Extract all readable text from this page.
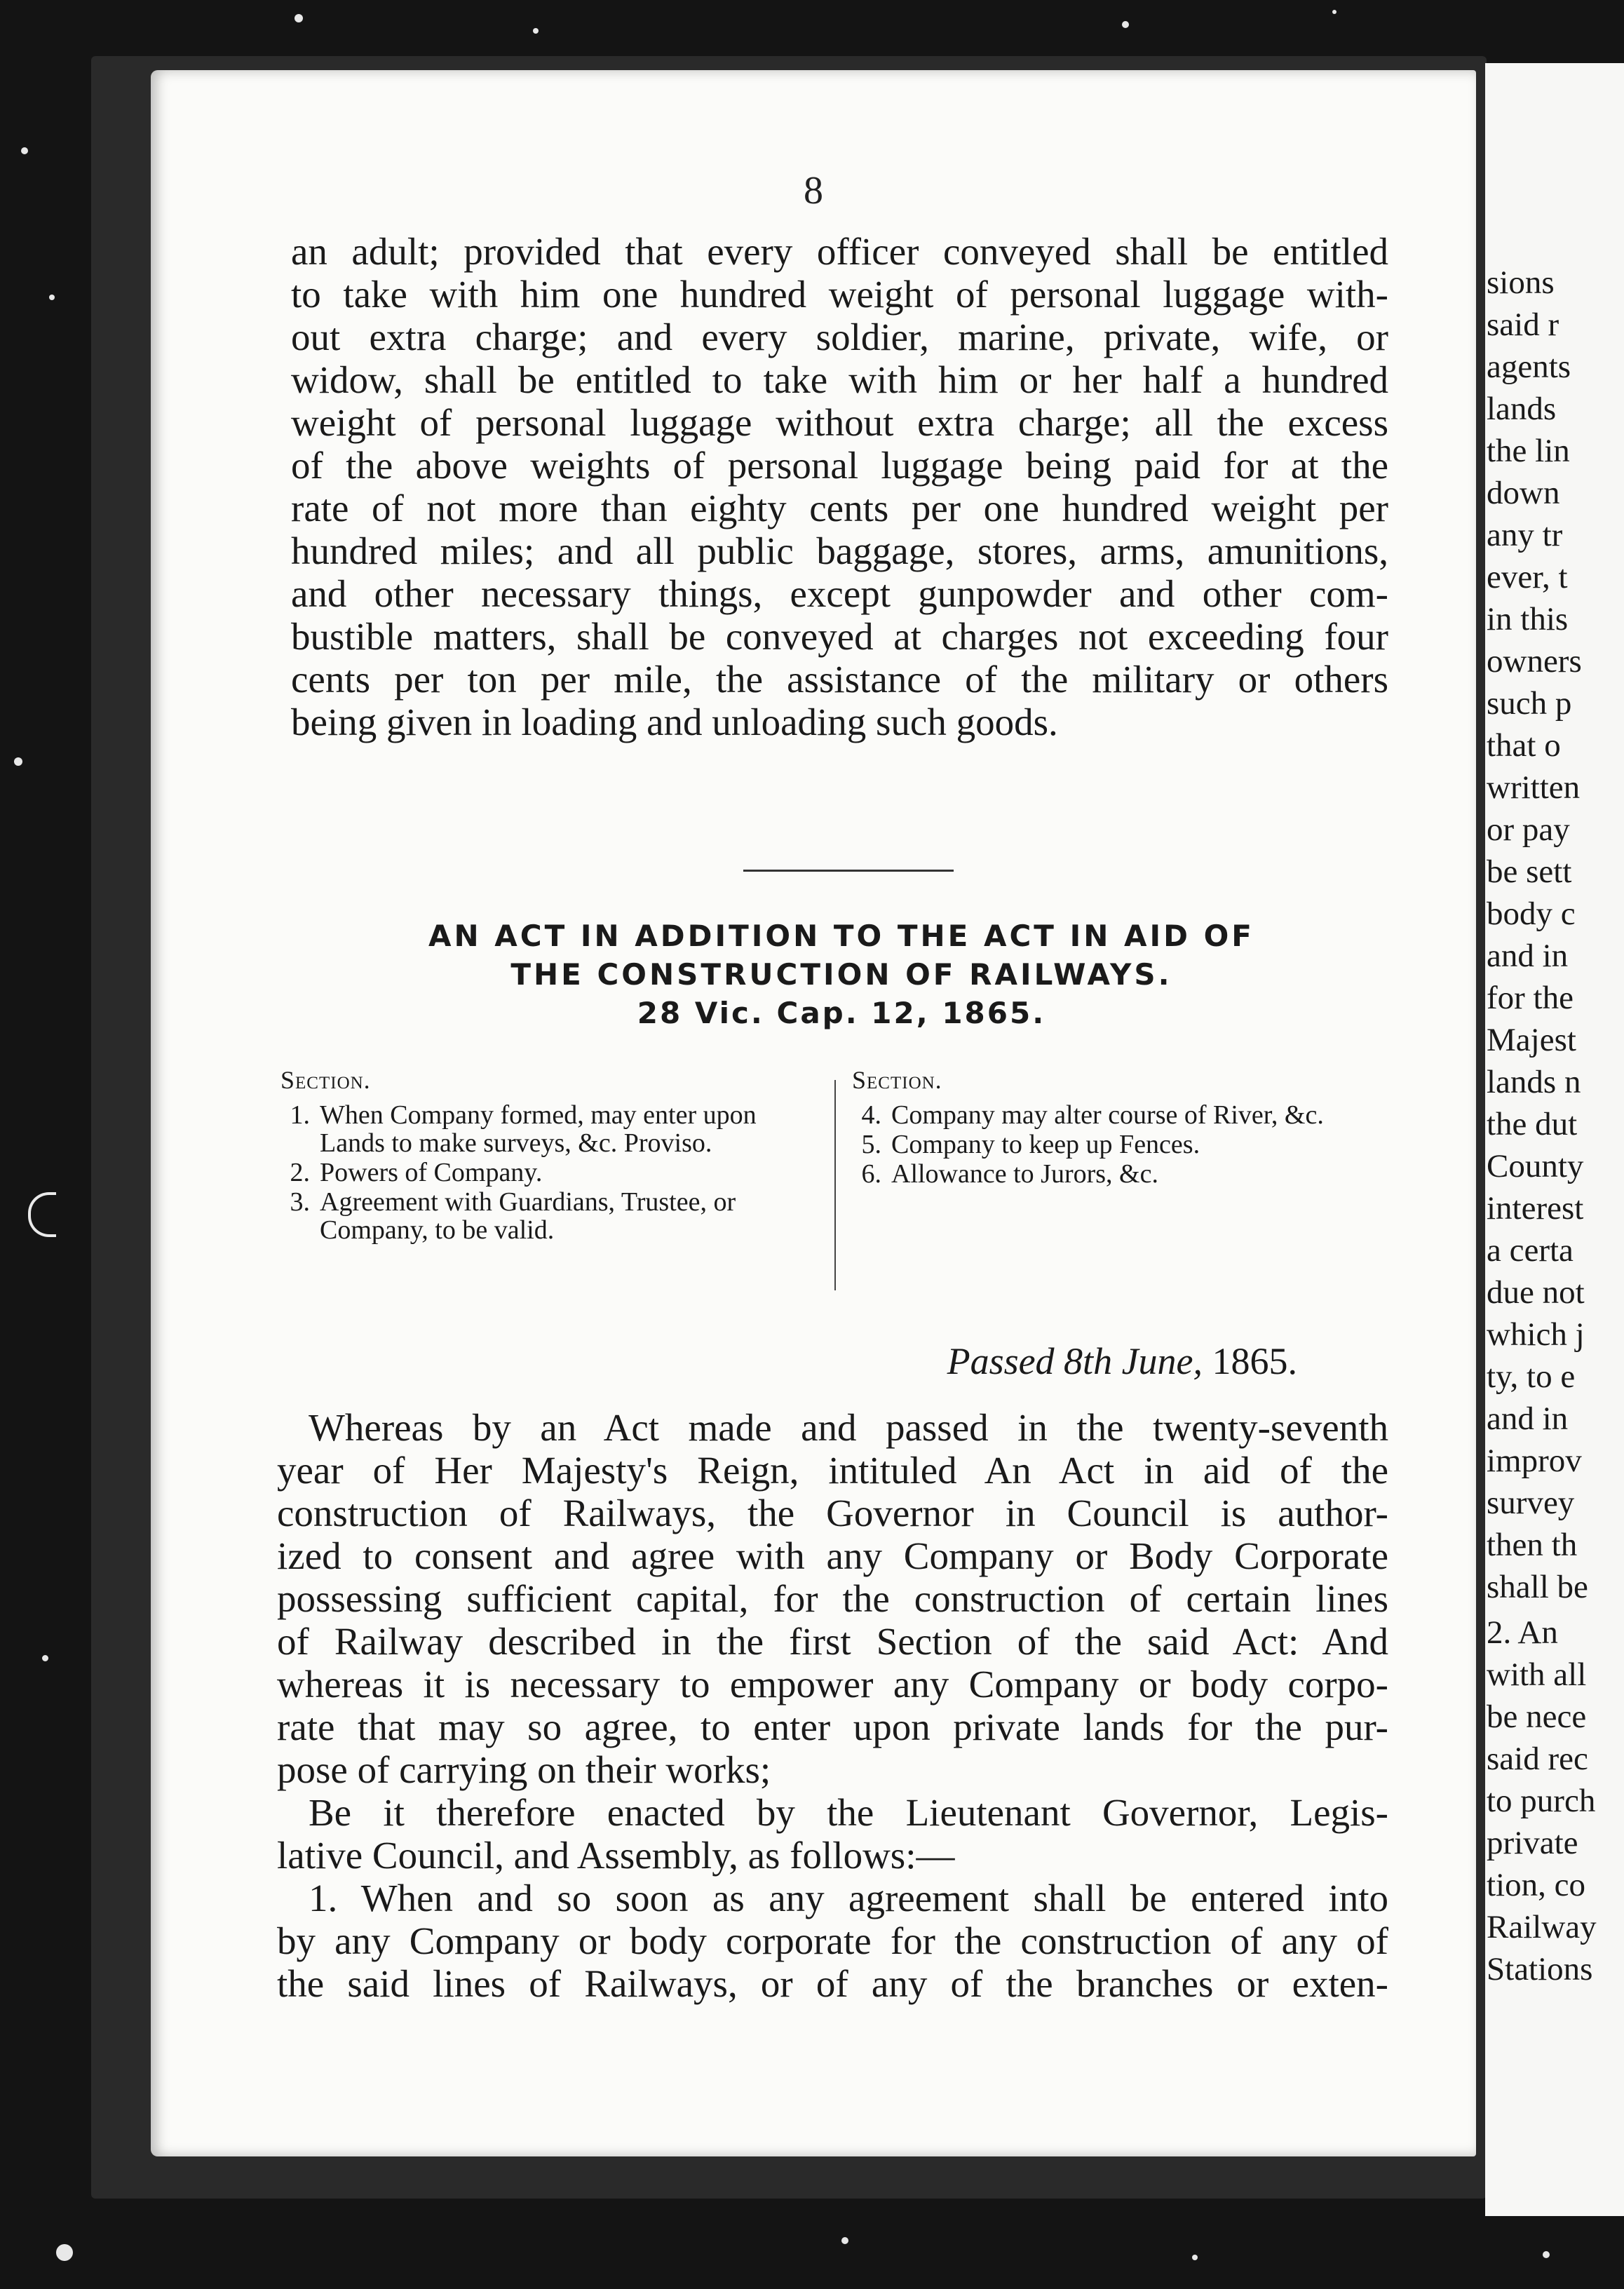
8
an adult; provided that every officer conveyed shall be entitled
to take with him one hundred weight of personal luggage with-
out extra charge; and every soldier, marine, private, wife, or
widow, shall be entitled to take with him or her half a hundred
weight of personal luggage without extra charge; all the excess
of the above weights of personal luggage being paid for at the
rate of not more than eighty cents per one hundred weight per
hundred miles; and all public baggage, stores, arms, amunitions,
and other necessary things, except gunpowder and other com-
bustible matters, shall be conveyed at charges not exceeding four
cents per ton per mile, the assistance of the military or others
being given in loading and unloading such goods.
AN ACT IN ADDITION TO THE ACT IN AID OF
THE CONSTRUCTION OF RAILWAYS.
28 Vic. Cap. 12, 1865.
Section.
1. When Company formed, may enter upon Lands to make surveys, &c. Proviso.
2. Powers of Company.
3. Agreement with Guardians, Trustee, or Company, to be valid.
Section.
4. Company may alter course of River, &c.
5. Company to keep up Fences.
6. Allowance to Jurors, &c.
Passed 8th June, 1865.
Whereas by an Act made and passed in the twenty-seventh
year of Her Majesty's Reign, intituled An Act in aid of the
construction of Railways, the Governor in Council is author-
ized to consent and agree with any Company or Body Corporate
possessing sufficient capital, for the construction of certain lines
of Railway described in the first Section of the said Act: And
whereas it is necessary to empower any Company or body corpo-
rate that may so agree, to enter upon private lands for the pur-
pose of carrying on their works;
Be it therefore enacted by the Lieutenant Governor, Legis-
lative Council, and Assembly, as follows:—
1. When and so soon as any agreement shall be entered into
by any Company or body corporate for the construction of any of
the said lines of Railways, or of any of the branches or exten-
sions
said r
agents
lands
the lin
down
any tr
ever, t
in this
owners
such p
that o
written
or pay
be sett
body c
and in
for the
Majest
lands n
the dut
County
interest
a certa
due not
which j
ty, to e
and in
improv
survey
then th
shall be
2. An
with all
be nece
said rec
to purch
private
tion, co
Railway
Stations
